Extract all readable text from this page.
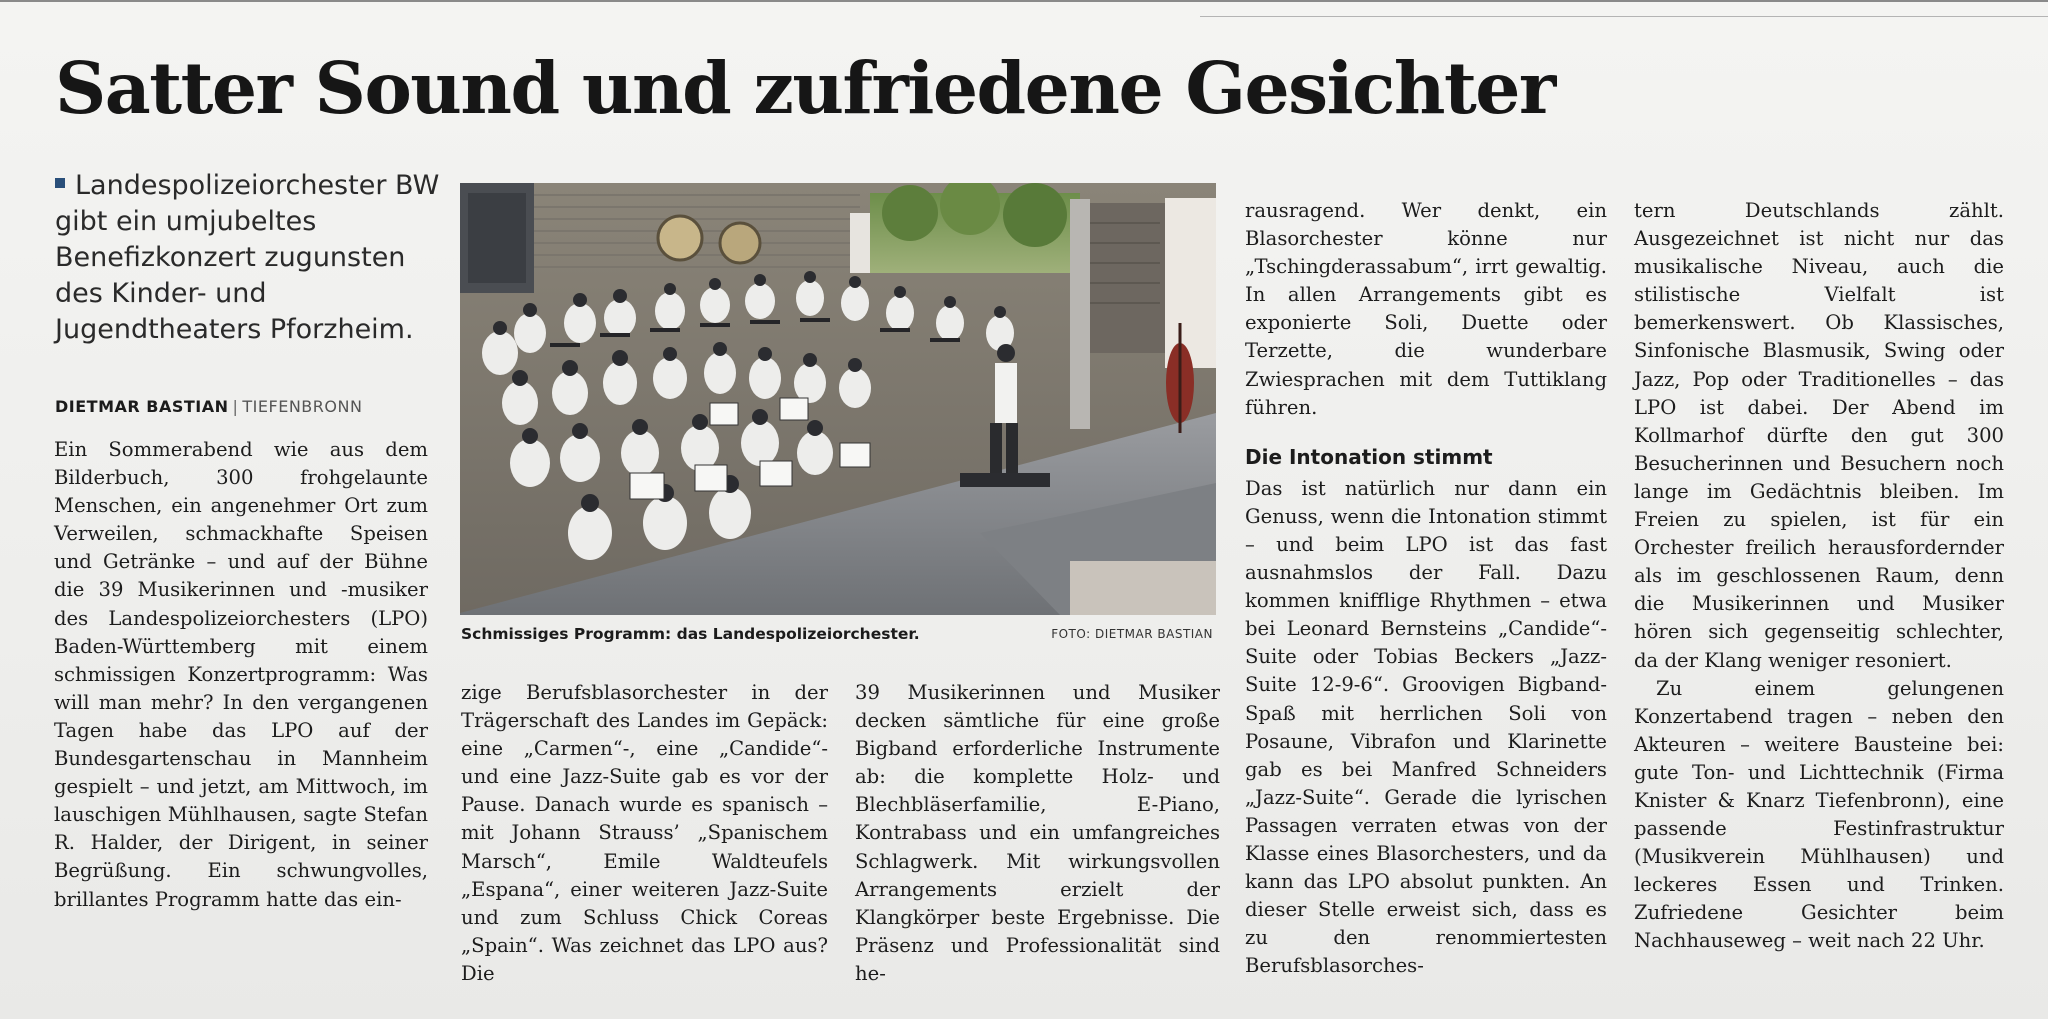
Satter Sound und zufriedene Gesichter
Landespolizeiorchester BW gibt ein umjubeltes Benefizkonzert zugunsten des Kinder- und Jugendtheaters Pforzheim.
DIETMAR BASTIAN | TIEFENBRONN

Ein Sommerabend wie aus dem Bilderbuch, 300 frohgelaunte Menschen, ein angenehmer Ort zum Verweilen, schmackhafte Speisen und Getränke – und auf der Bühne die 39 Musikerinnen und -musiker des Landespolizeiorchesters (LPO) Baden-Württemberg mit einem schmissigen Konzertprogramm: Was will man mehr? In den vergangenen Tagen habe das LPO auf der Bundesgartenschau in Mannheim gespielt – und jetzt, am Mittwoch, im lauschigen Mühlhausen, sagte Stefan R. Halder, der Dirigent, in seiner Begrüßung. Ein schwungvolles, brillantes Programm hatte das ein-

Schmissiges Programm: das Landespolizeiorchester.	FOTO: DIETMAR BASTIAN

zige Berufsblasorchester in der Trägerschaft des Landes im Gepäck: eine „Carmen“-, eine „Candide“- und eine Jazz-Suite gab es vor der Pause. Danach wurde es spanisch – mit Johann Strauss’ „Spanischem Marsch“, Emile Waldteufels „Espana“, einer weiteren Jazz-Suite und zum Schluss Chick Coreas „Spain“. Was zeichnet das LPO aus? Die

39 Musikerinnen und Musiker decken sämtliche für eine große Bigband erforderliche Instrumente ab: die komplette Holz- und Blechbläserfamilie, E-Piano, Kontrabass und ein umfangreiches Schlagwerk. Mit wirkungsvollen Arrangements erzielt der Klangkörper beste Ergebnisse. Die Präsenz und Professionalität sind he-

rausragend. Wer denkt, ein Blasorchester könne nur „Tschingderassabum“, irrt gewaltig. In allen Arrangements gibt es exponierte Soli, Duette oder Terzette, die wunderbare Zwiesprachen mit dem Tuttiklang führen.

Die Intonation stimmt

Das ist natürlich nur dann ein Genuss, wenn die Intonation stimmt – und beim LPO ist das fast ausnahmslos der Fall. Dazu kommen knifflige Rhythmen – etwa bei Leonard Bernsteins „Candide“-Suite oder Tobias Beckers „Jazz-Suite 12-9-6“. Groovigen Bigband-Spaß mit herrlichen Soli von Posaune, Vibrafon und Klarinette gab es bei Manfred Schneiders „Jazz-Suite“. Gerade die lyrischen Passagen verraten etwas von der Klasse eines Blasorchesters, und da kann das LPO absolut punkten. An dieser Stelle erweist sich, dass es zu den renommiertesten Berufsblasorches-

tern Deutschlands zählt. Ausgezeichnet ist nicht nur das musikalische Niveau, auch die stilistische Vielfalt ist bemerkenswert. Ob Klassisches, Sinfonische Blasmusik, Swing oder Jazz, Pop oder Traditionelles – das LPO ist dabei. Der Abend im Kollmarhof dürfte den gut 300 Besucherinnen und Besuchern noch lange im Gedächtnis bleiben. Im Freien zu spielen, ist für ein Orchester freilich herausfordernder als im geschlossenen Raum, denn die Musikerinnen und Musiker hören sich gegenseitig schlechter, da der Klang weniger resoniert.

Zu einem gelungenen Konzertabend tragen – neben den Akteuren – weitere Bausteine bei: gute Ton- und Lichttechnik (Firma Knister & Knarz Tiefenbronn), eine passende Festinfrastruktur (Musikverein Mühlhausen) und leckeres Essen und Trinken. Zufriedene Gesichter beim Nachhauseweg – weit nach 22 Uhr.
